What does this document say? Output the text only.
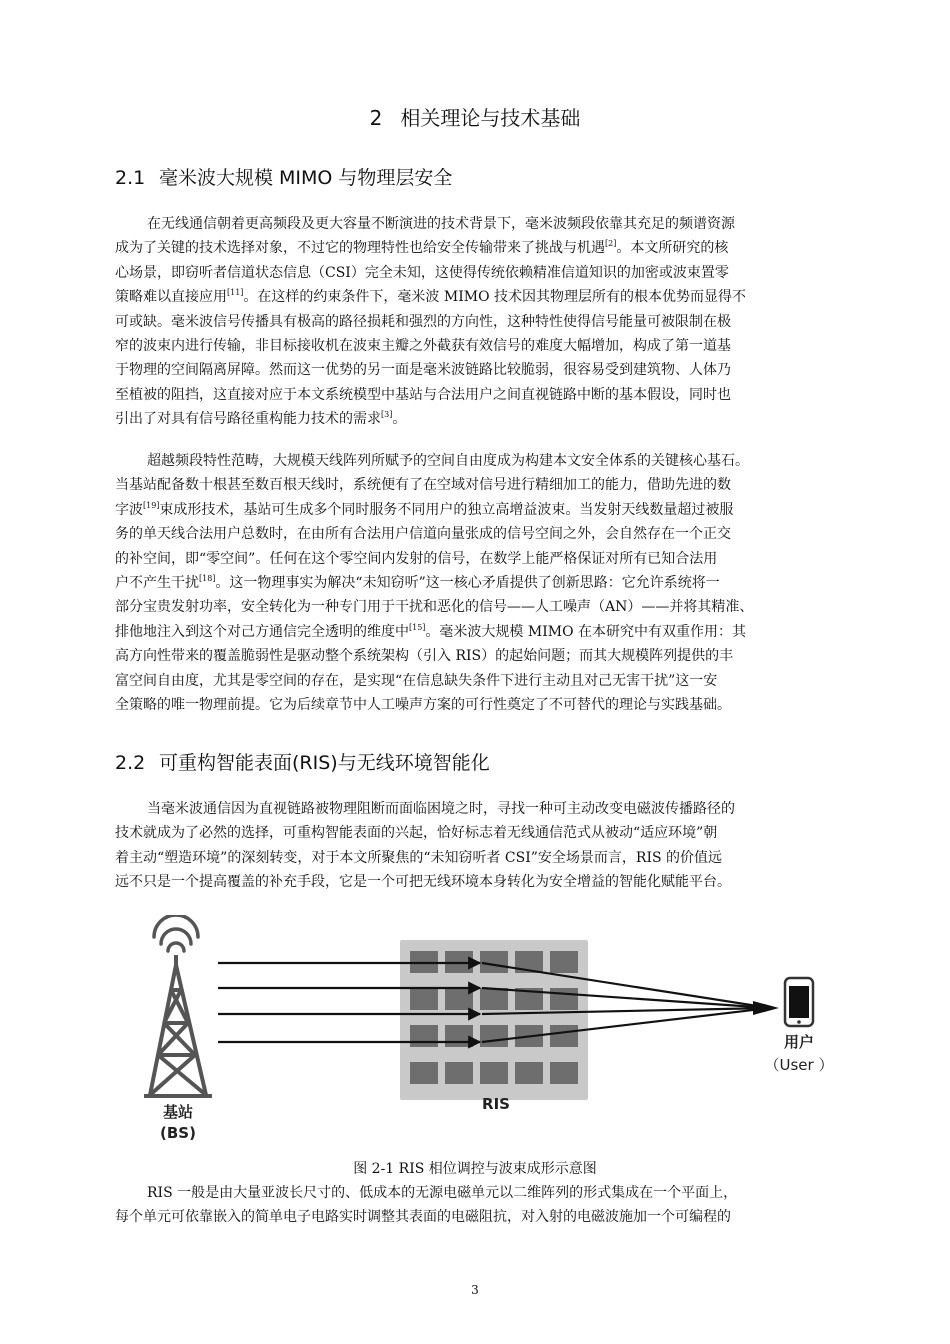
2 相关理论与技术基础
2.1 毫米波大规模 MIMO 与物理层安全
在无线通信朝着更高频段及更大容量不断演进的技术背景下，毫米波频段依靠其充足的频谱资源
成为了关键的技术选择对象，不过它的物理特性也给安全传输带来了挑战与机遇[2]。本文所研究的核
心场景，即窃听者信道状态信息（CSI）完全未知，这使得传统依赖精准信道知识的加密或波束置零
策略难以直接应用[11]。在这样的约束条件下，毫米波 MIMO 技术因其物理层所有的根本优势而显得不
可或缺。毫米波信号传播具有极高的路径损耗和强烈的方向性，这种特性使得信号能量可被限制在极
窄的波束内进行传输，非目标接收机在波束主瓣之外截获有效信号的难度大幅增加，构成了第一道基
于物理的空间隔离屏障。然而这一优势的另一面是毫米波链路比较脆弱，很容易受到建筑物、人体乃
至植被的阻挡，这直接对应于本文系统模型中基站与合法用户之间直视链路中断的基本假设，同时也
引出了对具有信号路径重构能力技术的需求[3]。
超越频段特性范畴，大规模天线阵列所赋予的空间自由度成为构建本文安全体系的关键核心基石。
当基站配备数十根甚至数百根天线时，系统便有了在空域对信号进行精细加工的能力，借助先进的数
字波[19]束成形技术，基站可生成多个同时服务不同用户的独立高增益波束。当发射天线数量超过被服
务的单天线合法用户总数时，在由所有合法用户信道向量张成的信号空间之外，会自然存在一个正交
的补空间，即“零空间”。任何在这个零空间内发射的信号，在数学上能严格保证对所有已知合法用
户不产生干扰[18]。这一物理事实为解决“未知窃听”这一核心矛盾提供了创新思路：它允许系统将一
部分宝贵发射功率，安全转化为一种专门用于干扰和恶化的信号——人工噪声（AN）——并将其精准、
排他地注入到这个对己方通信完全透明的维度中[15]。毫米波大规模 MIMO 在本研究中有双重作用：其
高方向性带来的覆盖脆弱性是驱动整个系统架构（引入 RIS）的起始问题；而其大规模阵列提供的丰
富空间自由度，尤其是零空间的存在，是实现“在信息缺失条件下进行主动且对己无害干扰”这一安
全策略的唯一物理前提。它为后续章节中人工噪声方案的可行性奠定了不可替代的理论与实践基础。
2.2 可重构智能表面(RIS)与无线环境智能化
当毫米波通信因为直视链路被物理阻断而面临困境之时，寻找一种可主动改变电磁波传播路径的
技术就成为了必然的选择，可重构智能表面的兴起，恰好标志着无线通信范式从被动“适应环境”朝
着主动“塑造环境”的深刻转变，对于本文所聚焦的“未知窃听者 CSI”安全场景而言，RIS 的价值远
远不只是一个提高覆盖的补充手段，它是一个可把无线环境本身转化为安全增益的智能化赋能平台。
基站
(BS)
RIS
用户
（User ）
图 2-1 RIS 相位调控与波束成形示意图
RIS 一般是由大量亚波长尺寸的、低成本的无源电磁单元以二维阵列的形式集成在一个平面上，
每个单元可依靠嵌入的简单电子电路实时调整其表面的电磁阻抗，对入射的电磁波施加一个可编程的
3
